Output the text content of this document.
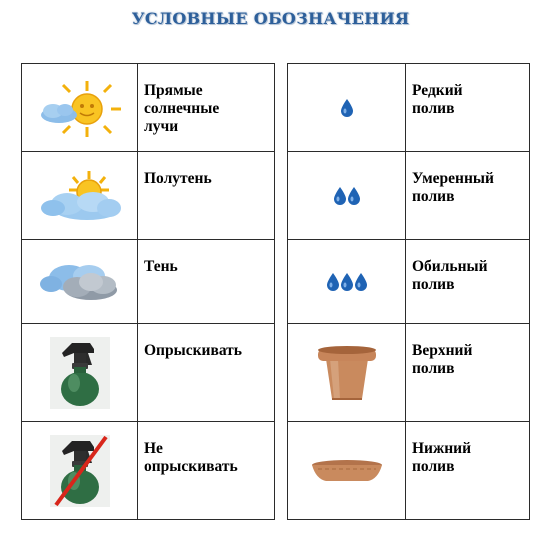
УСЛОВНЫЕ ОБОЗНАЧЕНИЯ

Прямые
солнечные
лучи

Полутень

Тень

Опрыскивать

Не
опрыскивать

Редкий
полив

Умеренный
полив

Обильный
полив

Верхний
полив

Нижний
полив
